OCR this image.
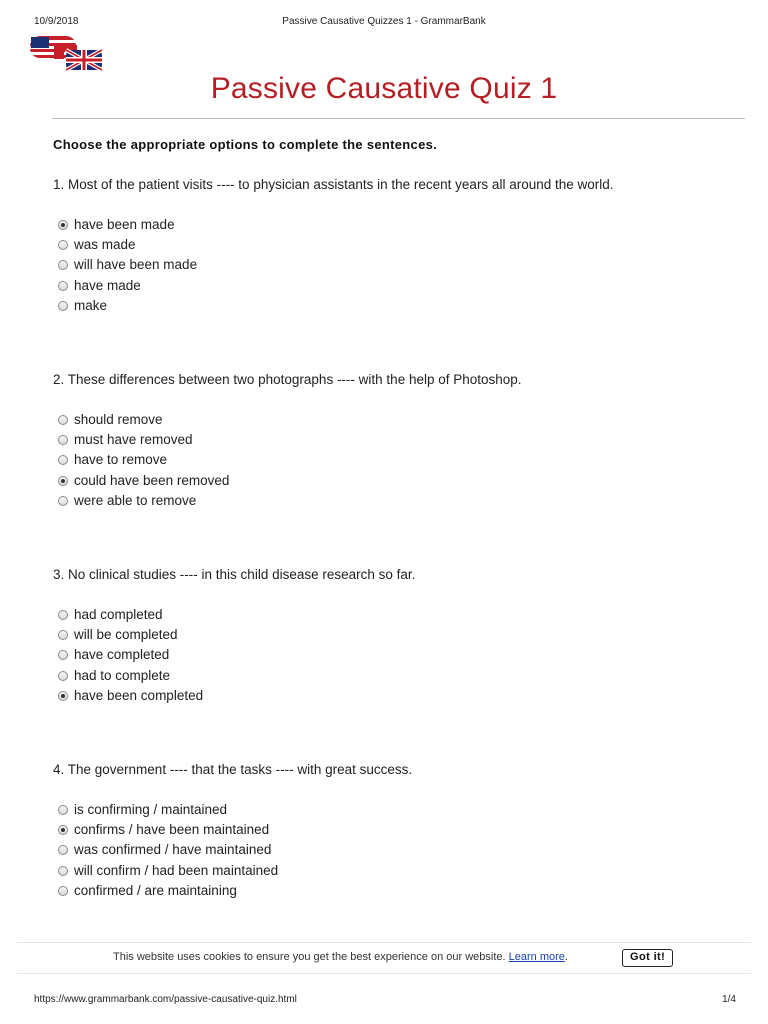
10/9/2018	Passive Causative Quizzes 1 - GrammarBank
Passive Causative Quiz 1
Choose the appropriate options to complete the sentences.
1. Most of the patient visits ---- to physician assistants in the recent years all around the world.
have been made
was made
will have been made
have made
make
2. These differences between two photographs ---- with the help of Photoshop.
should remove
must have removed
have to remove
could have been removed
were able to remove
3. No clinical studies ---- in this child disease research so far.
had completed
will be completed
have completed
had to complete
have been completed
4. The government ---- that the tasks ---- with great success.
is confirming / maintained
confirms / have been maintained
was confirmed / have maintained
will confirm / had been maintained
confirmed / are maintaining
This website uses cookies to ensure you get the best experience on our website. Learn more.	Got it!
https://www.grammarbank.com/passive-causative-quiz.html	1/4
